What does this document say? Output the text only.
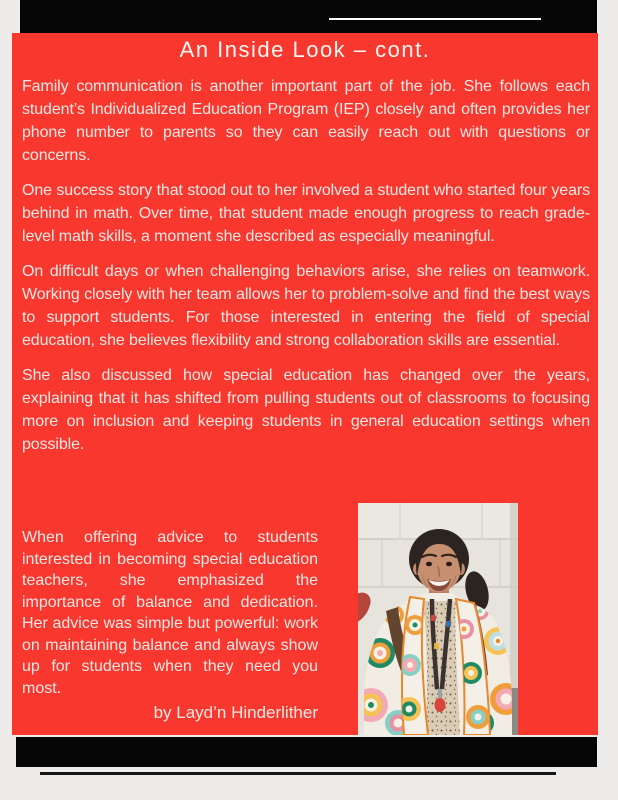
An Inside Look – cont.

Family communication is another important part of the job. She follows each student’s Individualized Education Program (IEP) closely and often provides her phone number to parents so they can easily reach out with questions or concerns.

One success story that stood out to her involved a student who started four years behind in math. Over time, that student made enough progress to reach grade-level math skills, a moment she described as especially meaningful.

On difficult days or when challenging behaviors arise, she relies on teamwork. Working closely with her team allows her to problem-solve and find the best ways to support students. For those interested in entering the field of special education, she believes flexibility and strong collaboration skills are essential.

She also discussed how special education has changed over the years, explaining that it has shifted from pulling students out of classrooms to focusing more on inclusion and keeping students in general education settings when possible.

When offering advice to students interested in becoming special education teachers, she emphasized the importance of balance and dedication. Her advice was simple but powerful: work on maintaining balance and always show up for students when they need you most.

by Layd’n Hinderlither
